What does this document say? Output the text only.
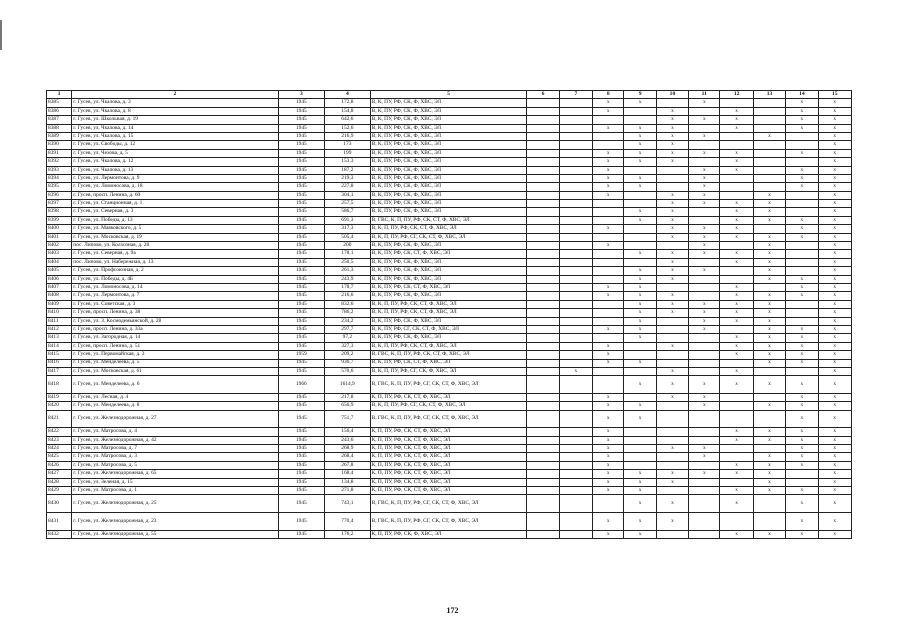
1	2	3	4	5	6	7	8	9	10	11	12	13	14	15
8385	г. Гусев, ул. Чкалова, д. 3	1945	172,8	В, К, ПУ, РФ, СК, Ф, ХВС, ЭЛ			x	x		x			x	x
8386	г. Гусев, ул. Чкалова, д. 8	1945	154,8	В, К, ПУ, РФ, СК, Ф, ХВС, ЭЛ			x		x		x		x	x
8387	г. Гусев, ул. Школьная, д. 19	1945	642,6	В, К, ПУ, РФ, СК, Ф, ХВС, ЭЛ					x	x	x		x	x
8388	г. Гусев, ул. Чкалова, д. 14	1945	152,6	В, К, ПУ, РФ, СК, Ф, ХВС, ЭЛ			x	x	x		x		x	x
8389	г. Гусев, ул. Чкалова, д. 15	1945	216,9	В, К, ПУ, РФ, СК, Ф, ХВС, ЭЛ				x	x	x		x		x
8390	г. Гусев, ул. Свободы, д. 12	1945	173	В, К, ПУ, РФ, СК, Ф, ХВС, ЭЛ				x	x					x
8391	г. Гусев, ул. Чехова, д. 5	1945	199	В, К, ПУ, РФ, СК, Ф, ХВС, ЭЛ			x	x	x	x	x		x	x
8392	г. Гусев, ул. Чкалова, д. 12	1945	153,3	В, К, ПУ, РФ, СК, Ф, ХВС, ЭЛ			x	x	x		x			x
8393	г. Гусев, ул. Чкалова, д. 13	1945	187,2	В, К, ПУ, РФ, СК, Ф, ХВС, ЭЛ			x			x	x		x	x
8394	г. Гусев, ул. Лермонтова, д. 9	1945	219,3	В, К, ПУ, РФ, СК, Ф, ХВС, ЭЛ			x	x		x			x	x
8395	г. Гусев, ул. Ломоносова, д. 18	1945	227,8	В, К, ПУ, РФ, СК, Ф, ХВС, ЭЛ			x	x		x			x	x
8396	г. Гусев, просп. Ленина, д. 60	1945	304,1	В, К, ПУ, РФ, СК, Ф, ХВС, ЭЛ			x		x	x		x		x
8397	г. Гусев, ул. Станционная, д. 1	1945	257,5	В, К, ПУ, РФ, СК, Ф, ХВС, ЭЛ					x	x	x	x		x
8398	г. Гусев, ул. Северная, д. 3	1945	586,7	В, К, ПУ, РФ, СК, Ф, ХВС, ЭЛ				x	x		x	x		x
8399	г. Гусев, ул. Победы, д. 13	1945	691,3	В, ГВС, К, П, ПУ, РФ, СК, СТ, Ф, ХВС, ЭЛ				x	x		x	x	x	x
8400	г. Гусев, ул. Маяковского, д. 5	1945	317,3	В, К, П, ПУ, РФ, СК, СТ, Ф, ХВС, ЭЛ			x		x	x	x		x	x
8401	г. Гусев, ул. Московская, д. 19	1945	505,4	В, К, П, ПУ, РФ, СГ, СК, СТ, Ф, ХВС, ЭЛ					x	x	x	x	x	x
8402	пос. Липово, ул. Колхозная, д. 28	1945	200	В, К, ПУ, РФ, СК, Ф, ХВС, ЭЛ			x			x		x		x
8403	г. Гусев, ул. Северная, д. 9а	1945	178,1	В, К, ПУ, РФ, СК, СТ, Ф, ХВС, ЭЛ				x	x	x	x	x		x
8404	пос. Липово, ул. Набережная, д. 13	1945	250,5	В, К, ПУ, РФ, СК, Ф, ХВС, ЭЛ					x		x	x		x
8405	г. Гусев, ул. Профсоюзная, д. 2	1945	261,3	В, К, ПУ, РФ, СК, Ф, ХВС, ЭЛ				x	x	x		x		x
8406	г. Гусев, ул. Победы, д. 4Б	1945	243,9	В, К, ПУ, РФ, СК, Ф, ХВС, ЭЛ				x	x			x	x	x
8407	г. Гусев, ул. Ломоносова, д. 14	1945	178,7	В, К, ПУ, РФ, СК, СТ, Ф, ХВС, ЭЛ			x	x			x		x	x
8408	г. Гусев, ул. Лермонтова, д. 7	1945	216,6	В, К, ПУ, РФ, СК, Ф, ХВС, ЭЛ			x	x	x		x	x	x	x
8409	г. Гусев, ул. Советская, д. 3	1945	832,6	В, К, П, ПУ, РФ, СК, СТ, Ф, ХВС, ЭЛ				x	x	x	x	x		x
8410	г. Гусев, просп. Ленина, д. 38	1945	786,2	В, К, П, ПУ, РФ, СК, СТ, Ф, ХВС, ЭЛ				x	x	x	x	x		x
8411	г. Гусев, ул. З. Космодемьянской, д. 28	1945	234,2	В, К, ПУ, РФ, СК, Ф, ХВС, ЭЛ				x		x	x	x		x
8412	г. Гусев, просп. Ленина, д. 33а	1945	297,7	В, К, ПУ, РФ, СГ, СК, СТ, Ф, ХВС, ЭЛ			x	x		x		x	x	x
8413	г. Гусев, ул. Загородная, д. 14	1945	97,2	В, К, ПУ, РФ, СК, Ф, ХВС, ЭЛ				x			x	x	x	x
8414	г. Гусев, просп. Ленина, д. 51	1945	327,3	В, К, П, ПУ, РФ, СК, СТ, Ф, ХВС, ЭЛ			x		x		x	x	x	x
8415	г. Гусев, ул. Первомайская, д. 3	1959	209,2	В, ГВС, К, П, ПУ, РФ, СК, СТ, Ф, ХВС, ЭЛ			x				x	x	x	x
8416	г. Гусев, ул. Менделеева, д. 5	1945	936,7	В, К, ПУ, РФ, СК, СТ, Ф, ХВС, ЭЛ			x	x				x	x	x
8417	г. Гусев, ул. Московская, д. 61	1945	570,6	В, К, П, ПУ, РФ, СГ, СК, Ф, ХВС, ЭЛ		x			x		x			x
8418	г. Гусев, ул. Менделеева, д. 6	1966	1614,9	В, ГВС, К, П, ПУ, РФ, СГ, СК, СТ, Ф, ХВС, ЭЛ				x	x	x	x	x	x	x
8419	г. Гусев, ул. Лесная, д. 4	1945	217,8	К, П, ПУ, РФ, СК, СТ, Ф, ХВС, ЭЛ			x		x	x			x	x
8420	г. Гусев, ул. Менделеева, д. 8	1945	656,9	В, К, П, ПУ, РФ, СГ, СК, СТ, Ф, ХВС, ЭЛ			x	x		x		x	x	x
8421	г. Гусев, ул. Железнодорожная, д. 27	1945	751,7	В, ГВС, К, П, ПУ, РФ, СГ, СК, СТ, Ф, ХВС, ЭЛ			x	x					x	x
8422	г. Гусев, ул. Матросова, д. 4	1945	156,4	К, П, ПУ, РФ, СК, СТ, Ф, ХВС, ЭЛ			x				x	x	x	x
8423	г. Гусев, ул. Железнодорожная, д. 42	1945	243,6	К, П, ПУ, РФ, СК, СТ, Ф, ХВС, ЭЛ			x				x	x	x	x
8424	г. Гусев, ул. Матросова, д. 7	1945	268,9	К, П, ПУ, РФ, СК, СТ, Ф, ХВС, ЭЛ			x		x	x			x	x
8425	г. Гусев, ул. Матросова, д. 3	1945	268,4	К, П, ПУ, РФ, СК, СТ, Ф, ХВС, ЭЛ			x			x		x	x	x
8426	г. Гусев, ул. Матросова, д. 5	1945	267,8	К, П, ПУ, РФ, СК, СТ, Ф, ХВС, ЭЛ			x				x	x	x	x
8427	г. Гусев, ул. Железнодорожная, д. 65	1945	168,4	К, П, ПУ, РФ, СК, СТ, Ф, ХВС, ЭЛ			x	x	x	x	x	x		x
8428	г. Гусев, ул. Зеленая, д. 15	1945	134,8	К, П, ПУ, РФ, СК, СТ, Ф, ХВС, ЭЛ			x	x	x			x		x
8429	г. Гусев, ул. Матросова, д. 1	1945	271,8	К, П, ПУ, РФ, СК, СТ, Ф, ХВС, ЭЛ			x	x			x	x	x	x
8430	г. Гусев, ул. Железнодорожная, д. 25	1945	743,1	В, ГВС, К, П, ПУ, РФ, СГ, СК, СТ, Ф, ХВС, ЭЛ				x	x		x		x	x
8431	г. Гусев, ул. Железнодорожная, д. 23	1945	770,4	В, ГВС, К, П, ПУ, РФ, СГ, СК, СТ, Ф, ХВС, ЭЛ			x	x	x				x	x
8432	г. Гусев, ул. Железнодорожная, д. 55	1945	176,2	К, П, ПУ, РФ, СК, Ф, ХВС, ЭЛ			x	x			x	x	x	x
172
